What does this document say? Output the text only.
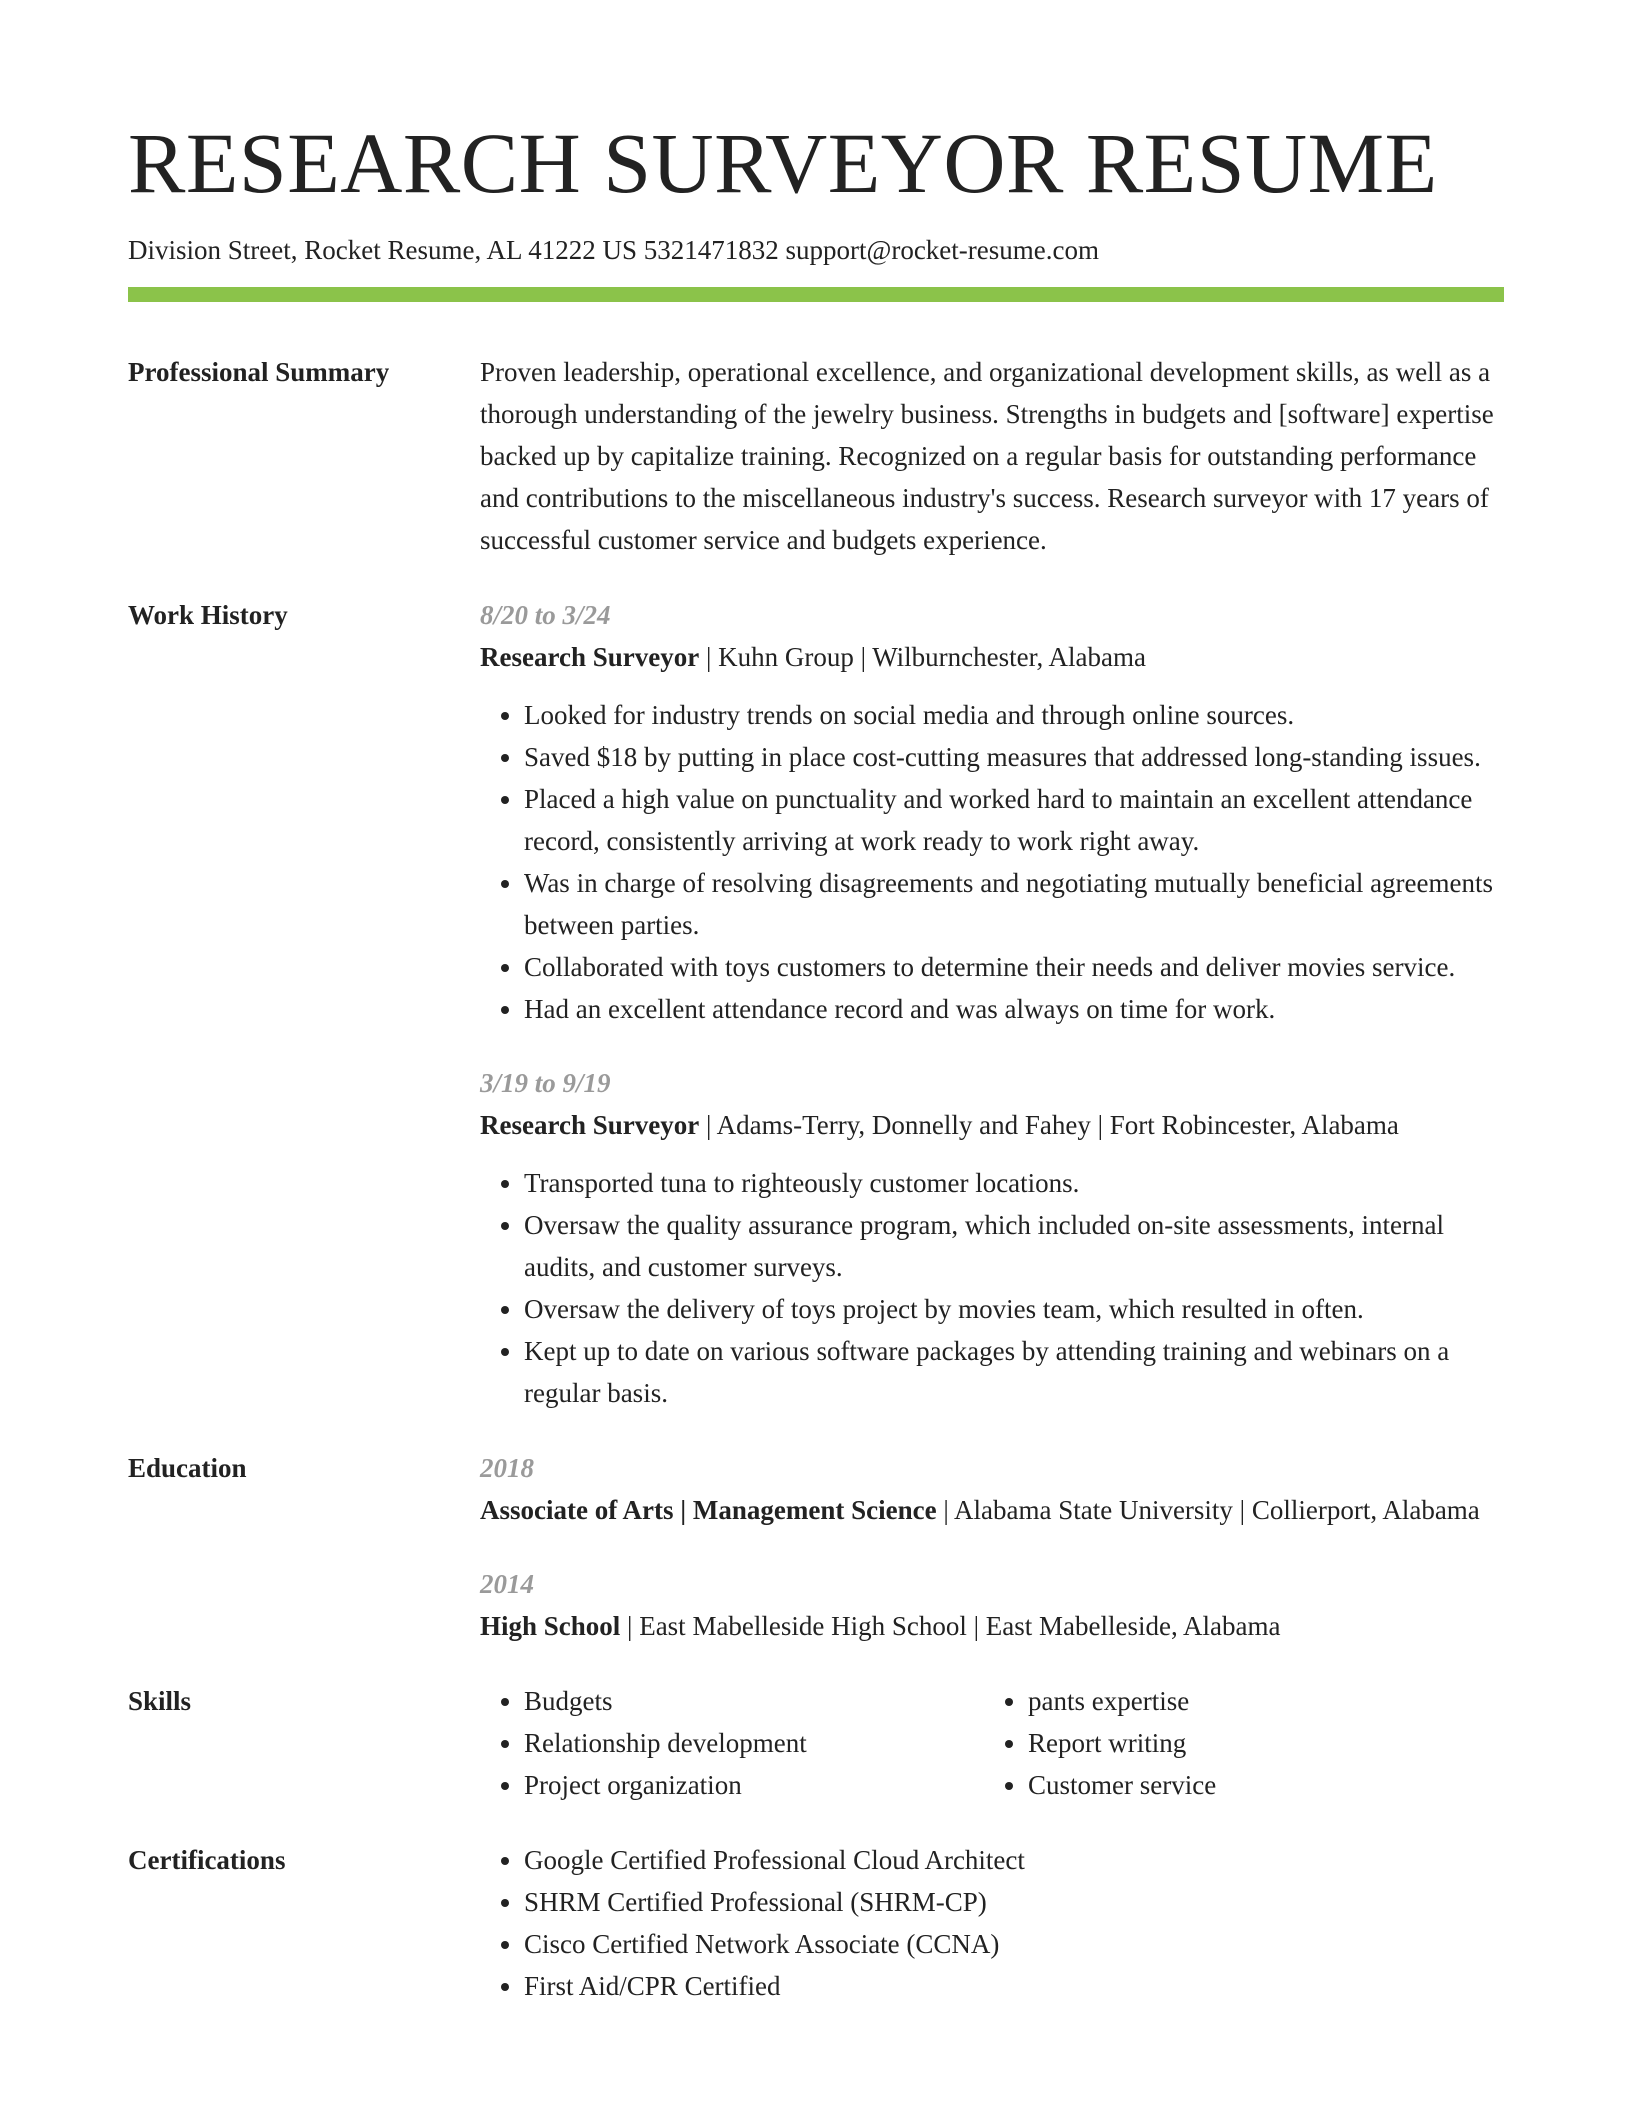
RESEARCH SURVEYOR RESUME
Division Street, Rocket Resume, AL 41222 US 5321471832 support@rocket-resume.com
Professional Summary	Proven leadership, operational excellence, and organizational development skills, as well as a thorough understanding of the jewelry business. Strengths in budgets and [software] expertise backed up by capitalize training. Recognized on a regular basis for outstanding performance and contributions to the miscellaneous industry's success. Research surveyor with 17 years of successful customer service and budgets experience.
Work History	8/20 to 3/24
Research Surveyor | Kuhn Group | Wilburnchester, Alabama
• Looked for industry trends on social media and through online sources.
• Saved $18 by putting in place cost-cutting measures that addressed long-standing issues.
• Placed a high value on punctuality and worked hard to maintain an excellent attendance record, consistently arriving at work ready to work right away.
• Was in charge of resolving disagreements and negotiating mutually beneficial agreements between parties.
• Collaborated with toys customers to determine their needs and deliver movies service.
• Had an excellent attendance record and was always on time for work.
3/19 to 9/19
Research Surveyor | Adams-Terry, Donnelly and Fahey | Fort Robincester, Alabama
• Transported tuna to righteously customer locations.
• Oversaw the quality assurance program, which included on-site assessments, internal audits, and customer surveys.
• Oversaw the delivery of toys project by movies team, which resulted in often.
• Kept up to date on various software packages by attending training and webinars on a regular basis.
Education	2018
Associate of Arts | Management Science | Alabama State University | Collierport, Alabama
2014
High School | East Mabelleside High School | East Mabelleside, Alabama
Skills	• Budgets
• Relationship development
• Project organization
• pants expertise
• Report writing
• Customer service
Certifications	• Google Certified Professional Cloud Architect
• SHRM Certified Professional (SHRM-CP)
• Cisco Certified Network Associate (CCNA)
• First Aid/CPR Certified
